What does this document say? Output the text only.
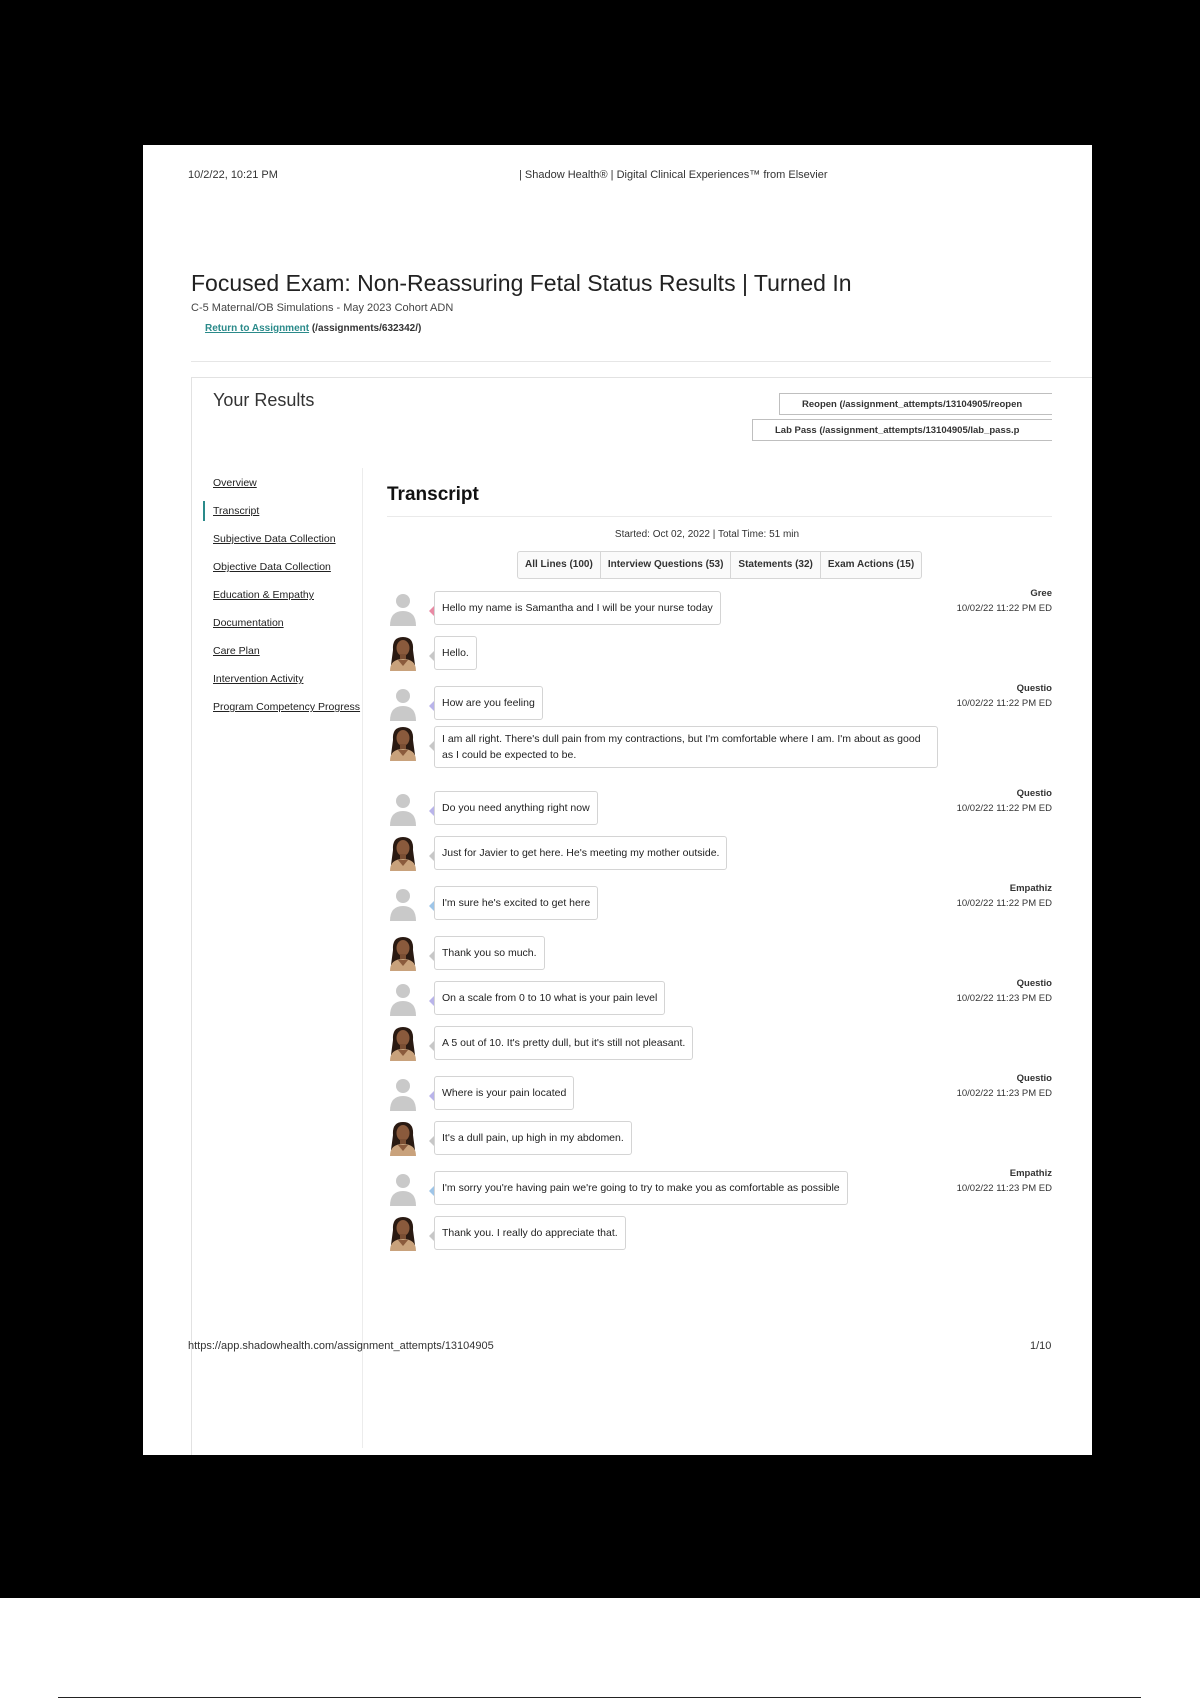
10/2/22, 10:21 PM	| Shadow Health® | Digital Clinical Experiences™ from Elsevier
Focused Exam: Non-Reassuring Fetal Status Results | Turned In
C-5 Maternal/OB Simulations - May 2023 Cohort ADN
Return to Assignment (/assignments/632342/)
Your Results	Reopen (/assignment_attempts/13104905/reopen
Lab Pass (/assignment_attempts/13104905/lab_pass.p
Overview
Transcript
Subjective Data Collection
Objective Data Collection
Education & Empathy
Documentation
Care Plan
Intervention Activity
Program Competency Progress
Transcript
Started: Oct 02, 2022 | Total Time: 51 min
All Lines (100)	Interview Questions (53)	Statements (32)	Exam Actions (15)
Hello my name is Samantha and I will be your nurse today
Gree
10/02/22 11:22 PM ED
Hello.
How are you feeling
Questio
10/02/22 11:22 PM ED
I am all right. There's dull pain from my contractions, but I'm comfortable where I am. I'm about as good as I could be expected to be.
Do you need anything right now
Questio
10/02/22 11:22 PM ED
Just for Javier to get here. He's meeting my mother outside.
I'm sure he's excited to get here
Empathiz
10/02/22 11:22 PM ED
Thank you so much.
On a scale from 0 to 10 what is your pain level
Questio
10/02/22 11:23 PM ED
A 5 out of 10. It's pretty dull, but it's still not pleasant.
Where is your pain located
Questio
10/02/22 11:23 PM ED
It's a dull pain, up high in my abdomen.
I'm sorry you're having pain we're going to try to make you as comfortable as possible
Empathiz
10/02/22 11:23 PM ED
Thank you. I really do appreciate that.
https://app.shadowhealth.com/assignment_attempts/13104905	1/10
